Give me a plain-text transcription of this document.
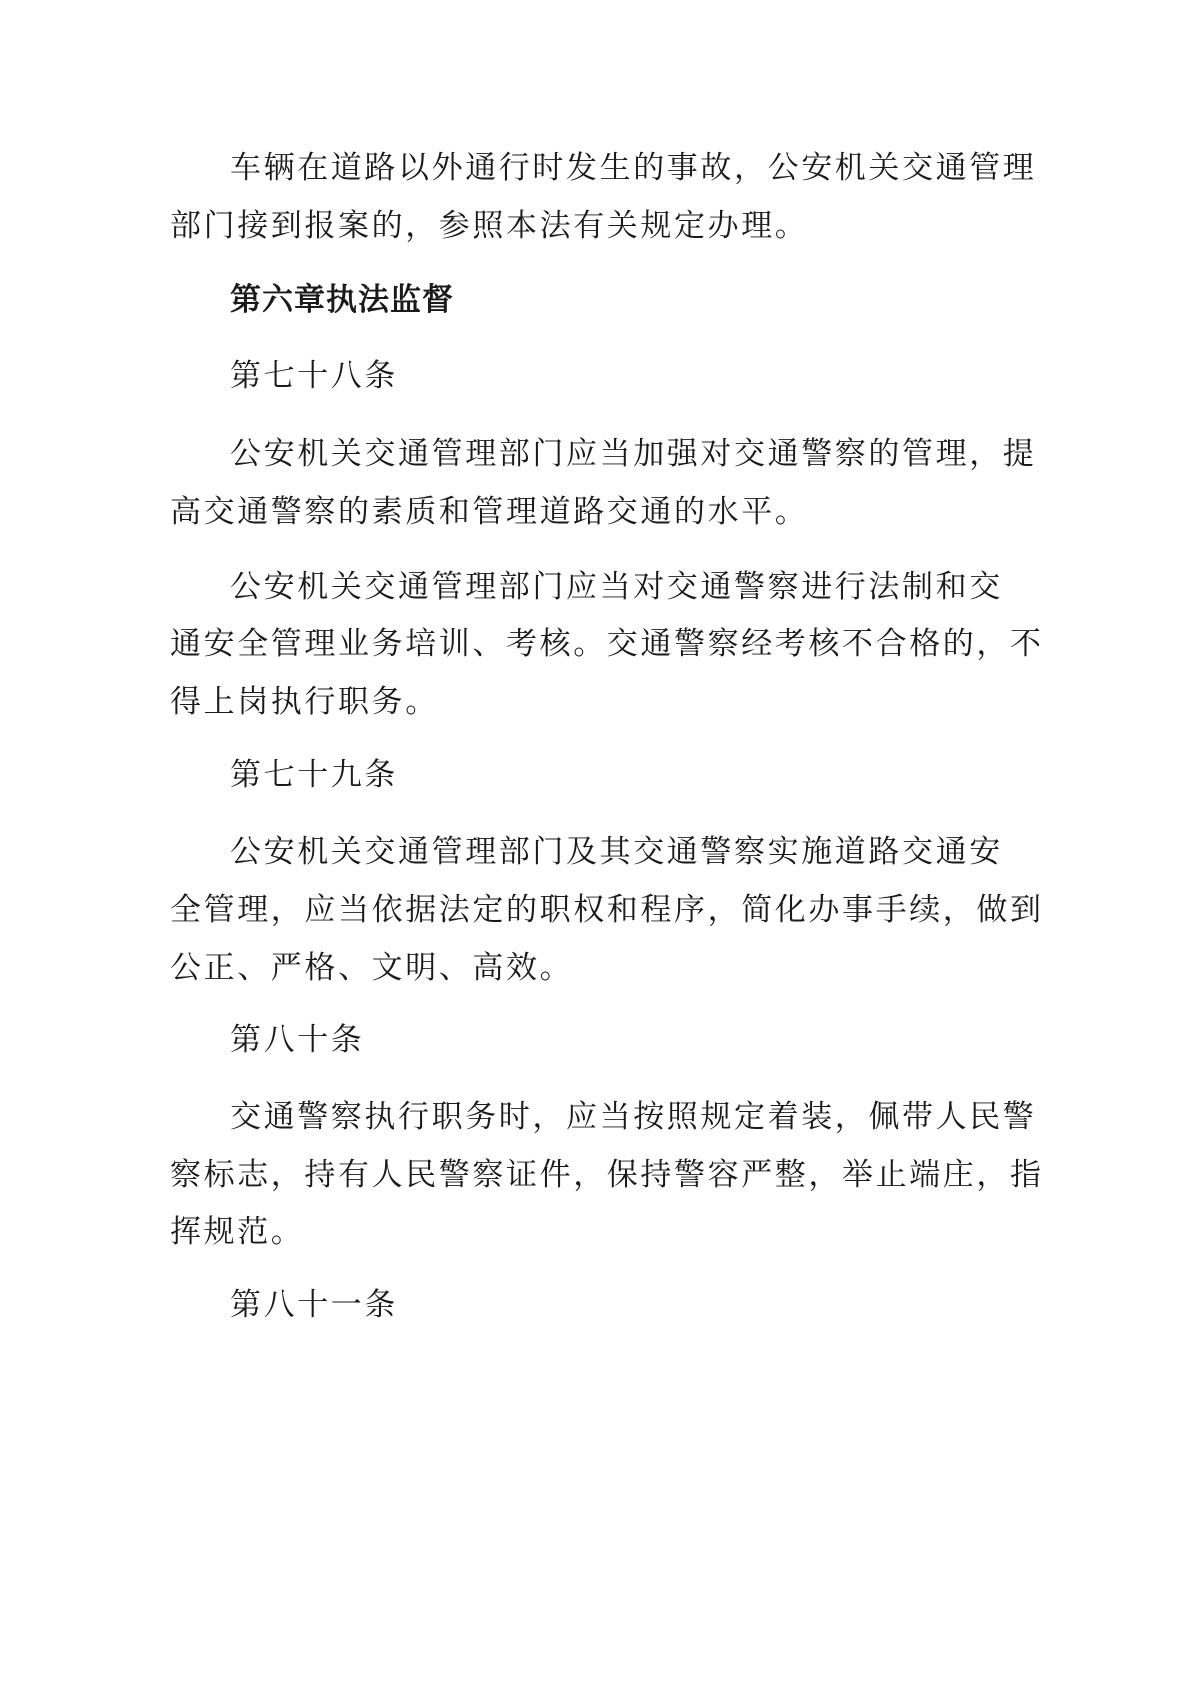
车辆在道路以外通行时发生的事故，公安机关交通管理
部门接到报案的，参照本法有关规定办理。
第六章执法监督
第七十八条
公安机关交通管理部门应当加强对交通警察的管理，提
高交通警察的素质和管理道路交通的水平。
公安机关交通管理部门应当对交通警察进行法制和交
通安全管理业务培训、考核。交通警察经考核不合格的，不
得上岗执行职务。
第七十九条
公安机关交通管理部门及其交通警察实施道路交通安
全管理，应当依据法定的职权和程序，简化办事手续，做到
公正、严格、文明、高效。
第八十条
交通警察执行职务时，应当按照规定着装，佩带人民警
察标志，持有人民警察证件，保持警容严整，举止端庄，指
挥规范。
第八十一条
